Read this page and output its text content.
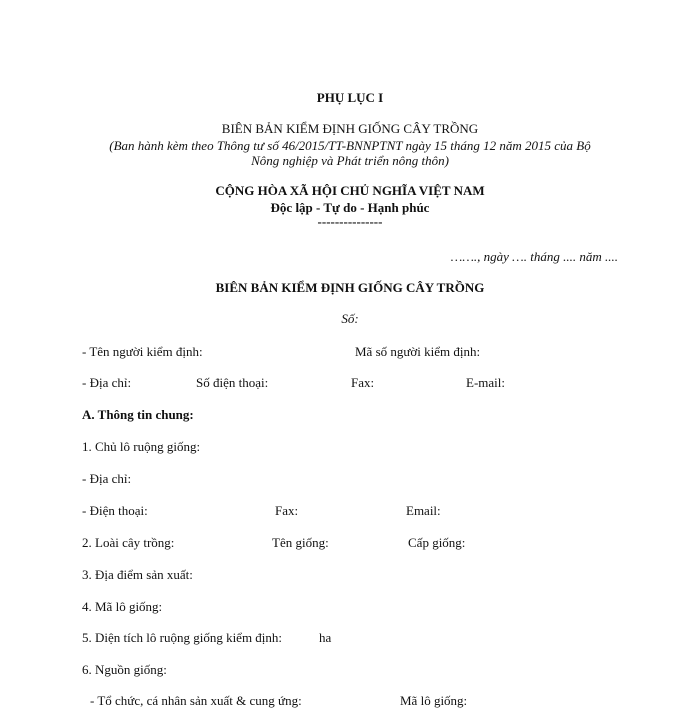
PHỤ LỤC I
BIÊN BẢN KIỂM ĐỊNH GIỐNG CÂY TRỒNG
(Ban hành kèm theo Thông tư số 46/2015/TT-BNNPTNT ngày 15 tháng 12 năm 2015 của Bộ
Nông nghiệp và Phát triển nông thôn)
CỘNG HÒA XÃ HỘI CHỦ NGHĨA VIỆT NAM
Độc lập - Tự do - Hạnh phúc
---------------
……., ngày …. tháng .... năm ....
BIÊN BẢN KIỂM ĐỊNH GIỐNG CÂY TRỒNG
Số:
- Tên người kiểm định:	Mã số người kiểm định:
- Địa chỉ:	Số điện thoại:	Fax:	E-mail:
A. Thông tin chung:
1. Chủ lô ruộng giống:
- Địa chỉ:
- Điện thoại:	Fax:	Email:
2. Loài cây trồng:	Tên giống:	Cấp giống:
3. Địa điểm sản xuất:
4. Mã lô giống:
5. Diện tích lô ruộng giống kiểm định:	ha
6. Nguồn giống:
- Tổ chức, cá nhân sản xuất & cung ứng:	Mã lô giống:
